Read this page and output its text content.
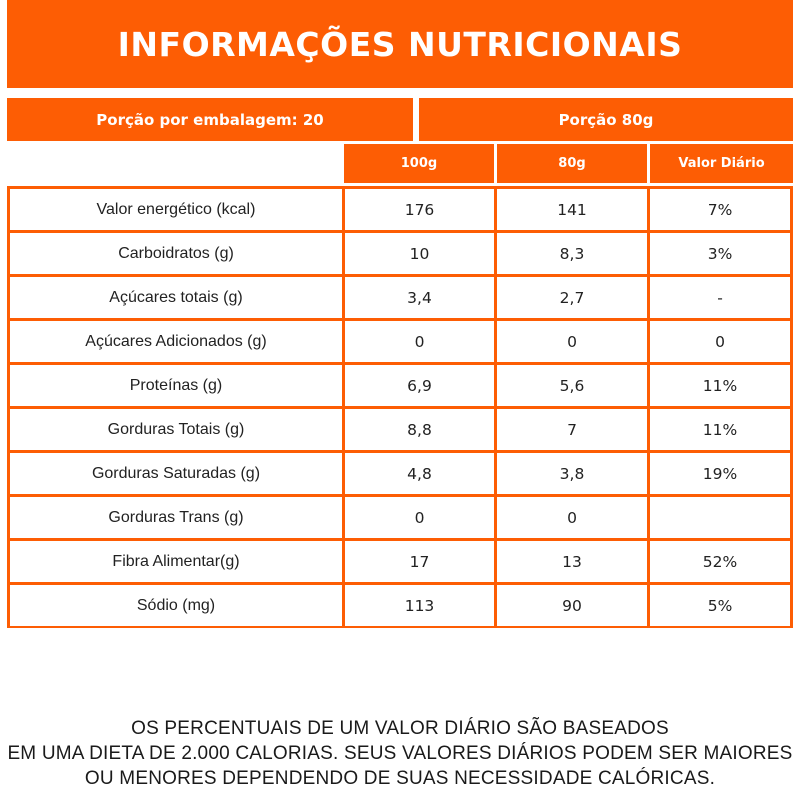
INFORMAÇÕES NUTRICIONAIS
Porção por embalagem: 20	Porção 80g
100g	80g	Valor Diário
Valor energético (kcal)	176	141	7%
Carboidratos (g)	10	8,3	3%
Açúcares totais (g)	3,4	2,7	-
Açúcares Adicionados (g)	0	0	0
Proteínas (g)	6,9	5,6	11%
Gorduras Totais (g)	8,8	7	11%
Gorduras Saturadas (g)	4,8	3,8	19%
Gorduras Trans (g)	0	0
Fibra Alimentar(g)	17	13	52%
Sódio (mg)	113	90	5%
OS PERCENTUAIS DE UM VALOR DIÁRIO SÃO BASEADOS
EM UMA DIETA DE 2.000 CALORIAS. SEUS VALORES DIÁRIOS PODEM SER MAIORES
OU MENORES DEPENDENDO DE SUAS NECESSIDADE CALÓRICAS.
